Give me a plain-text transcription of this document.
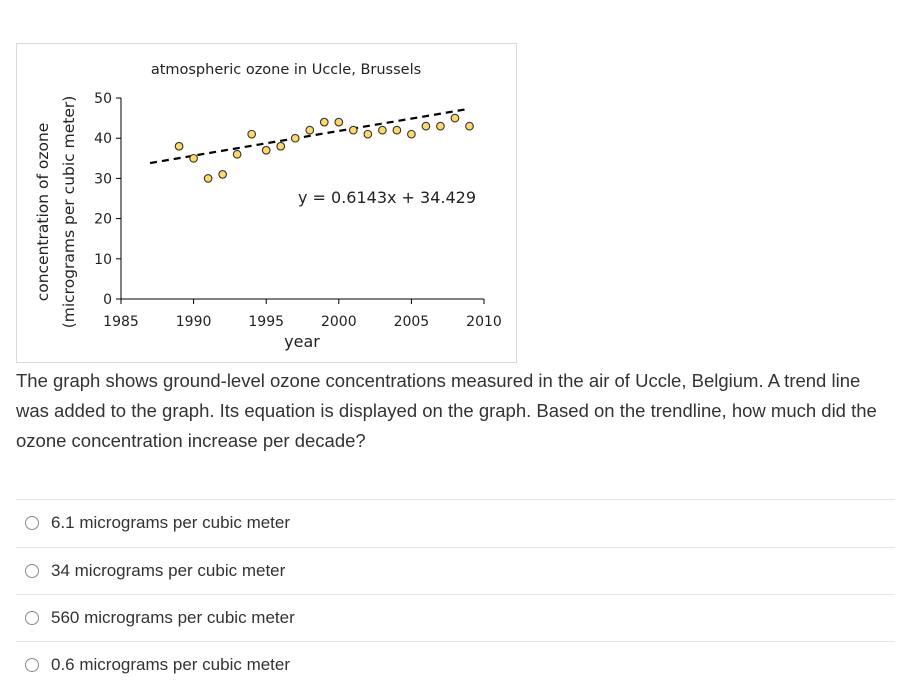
atmospheric ozone in Uccle, Brussels
concentration of ozone (micrograms per cubic meter)
year
y = 0.6143x + 34.429
0
10
20
30
40
50
1985	1990	1995	2000	2005	2010

The graph shows ground-level ozone concentrations measured in the air of Uccle, Belgium. A trend line was added to the graph. Its equation is displayed on the graph. Based on the trendline, how much did the ozone concentration increase per decade?

6.1 micrograms per cubic meter
34 micrograms per cubic meter
560 micrograms per cubic meter
0.6 micrograms per cubic meter
